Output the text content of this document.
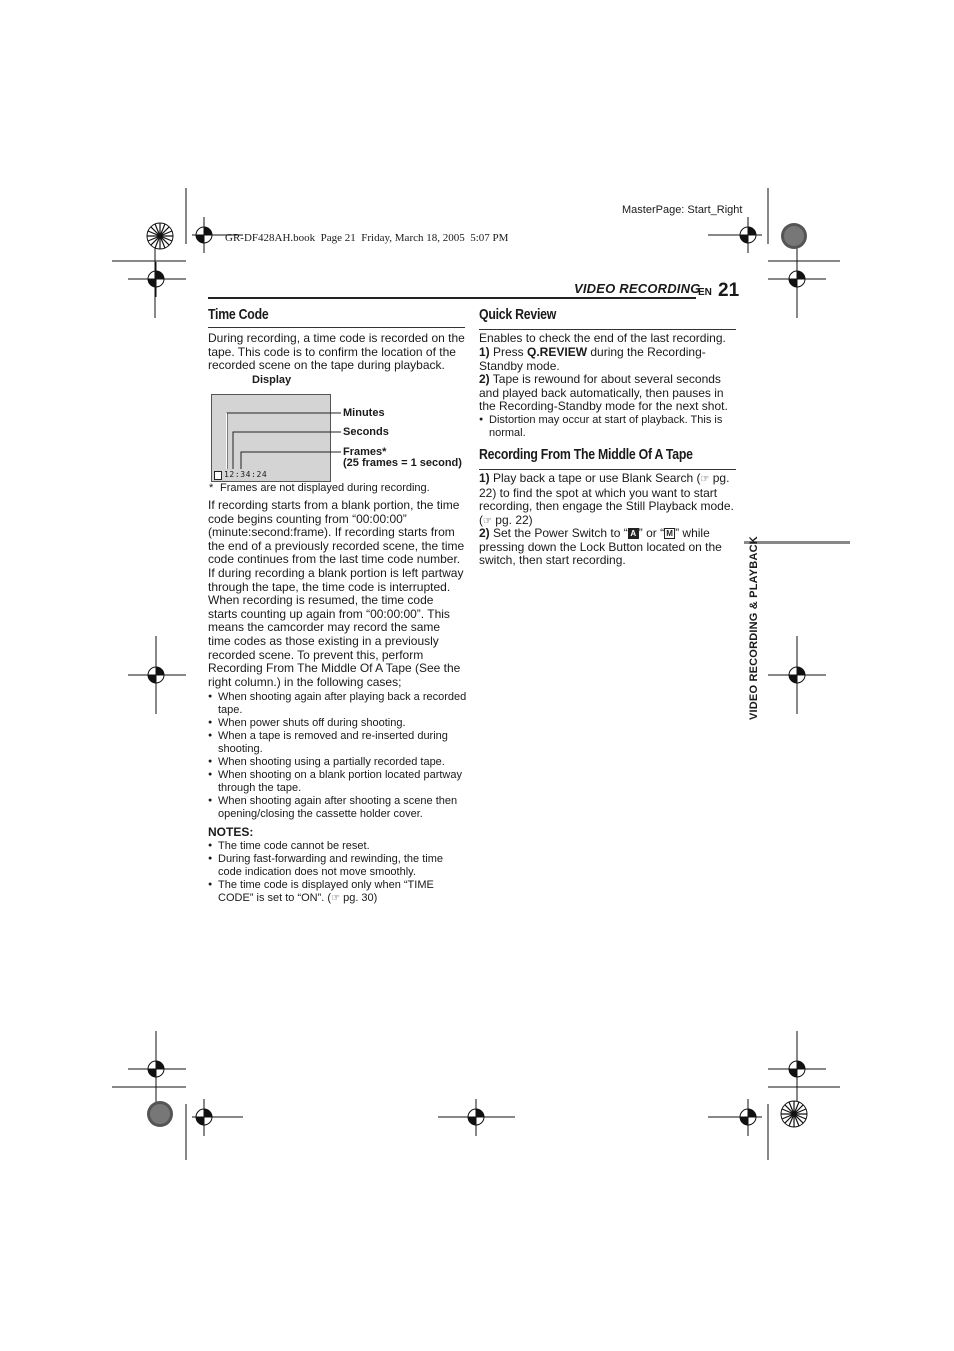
MasterPage: Start_Right
GR-DF428AH.book  Page 21  Friday, March 18, 2005  5:07 PM
VIDEO RECORDING
EN 21
VIDEO RECORDING & PLAYBACK
Time Code
During recording, a time code is recorded on the tape. This code is to confirm the location of the recorded scene on the tape during playback.
Display
12:34:24
Minutes
Seconds
Frames*
(25 frames = 1 second)
* Frames are not displayed during recording.
If recording starts from a blank portion, the time code begins counting from “00:00:00” (minute:second:frame). If recording starts from the end of a previously recorded scene, the time code continues from the last time code number. If during recording a blank portion is left partway through the tape, the time code is interrupted. When recording is resumed, the time code starts counting up again from “00:00:00”. This means the camcorder may record the same time codes as those existing in a previously recorded scene. To prevent this, perform Recording From The Middle Of A Tape (See the right column.) in the following cases;
● When shooting again after playing back a recorded tape.
● When power shuts off during shooting.
● When a tape is removed and re-inserted during shooting.
● When shooting using a partially recorded tape.
● When shooting on a blank portion located partway through the tape.
● When shooting again after shooting a scene then opening/closing the cassette holder cover.
NOTES:
● The time code cannot be reset.
● During fast-forwarding and rewinding, the time code indication does not move smoothly.
● The time code is displayed only when “TIME CODE” is set to “ON”. (☞ pg. 30)
Quick Review
Enables to check the end of the last recording.
1) Press Q.REVIEW during the Recording-Standby mode.
2) Tape is rewound for about several seconds and played back automatically, then pauses in the Recording-Standby mode for the next shot.
● Distortion may occur at start of playback. This is normal.
Recording From The Middle Of A Tape
1) Play back a tape or use Blank Search (☞ pg. 22) to find the spot at which you want to start recording, then engage the Still Playback mode. (☞ pg. 22)
2) Set the Power Switch to “ A ” or “ M ” while pressing down the Lock Button located on the switch, then start recording.
